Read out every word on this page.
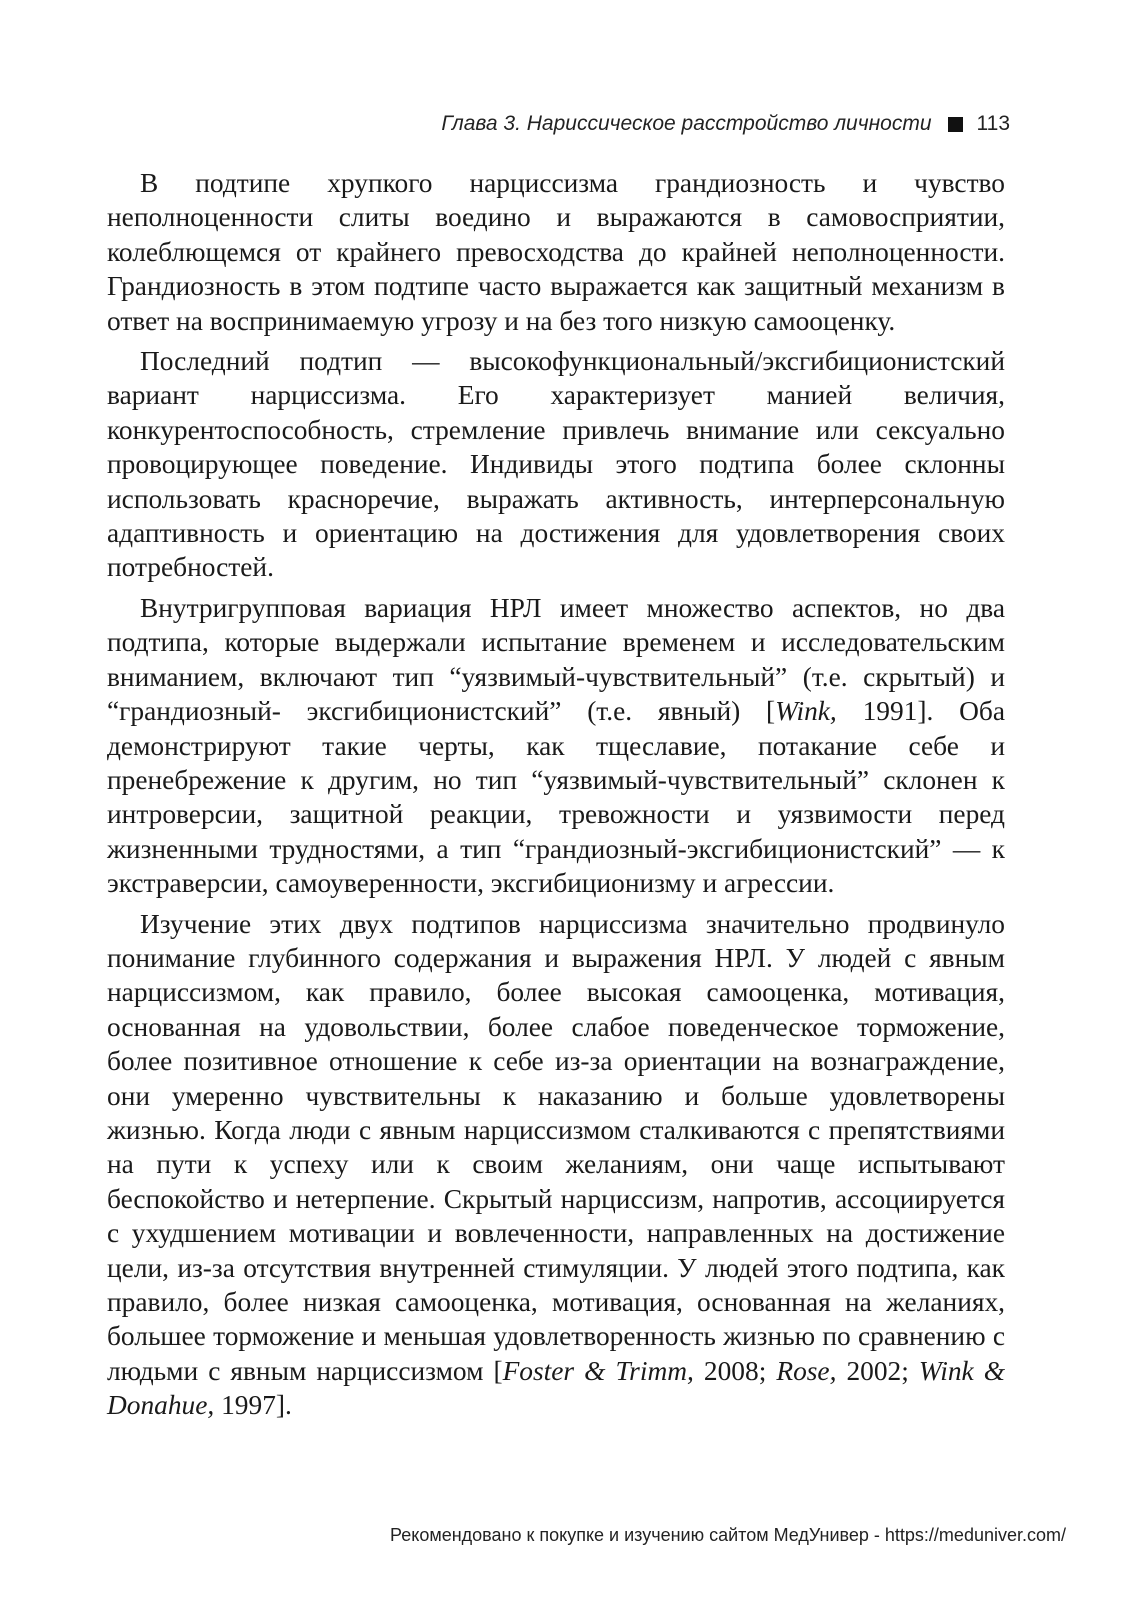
Глава 3. Нариссическое расстройство личности 113

В подтипе хрупкого нарциссизма грандиозность и чувство неполноценности слиты воедино и выражаются в самовосприятии, колеблющемся от крайнего превосходства до крайней неполноценности. Грандиозность в этом подтипе часто выражается как защитный механизм в ответ на воспринимаемую угрозу и на без того низкую самооценку.

Последний подтип — высокофункциональный/эксгибиционистский вариант нарциссизма. Его характеризует манией величия, конкурентоспособность, стремление привлечь внимание или сексуально провоцирующее поведение. Индивиды этого подтипа более склонны использовать красноречие, выражать активность, интерперсональную адаптивность и ориентацию на достижения для удовлетворения своих потребностей.

Внутригрупповая вариация НРЛ имеет множество аспектов, но два подтипа, которые выдержали испытание временем и исследовательским вниманием, включают тип “уязвимый-чувствительный” (т.е. скрытый) и “грандиозный- эксгибиционистский” (т.е. явный) [Wink, 1991]. Оба демонстрируют такие черты, как тщеславие, потакание себе и пренебрежение к другим, но тип “уязвимый-чувствительный” склонен к интроверсии, защитной реакции, тревожности и уязвимости перед жизненными трудностями, а тип “грандиозный-эксгибиционистский” — к экстраверсии, самоуверенности, эксгибиционизму и агрессии.

Изучение этих двух подтипов нарциссизма значительно продвинуло понимание глубинного содержания и выражения НРЛ. У людей с явным нарциссизмом, как правило, более высокая самооценка, мотивация, основанная на удовольствии, более слабое поведенческое торможение, более позитивное отношение к себе из-за ориентации на вознаграждение, они умеренно чувствительны к наказанию и больше удовлетворены жизнью. Когда люди с явным нарциссизмом сталкиваются с препятствиями на пути к успеху или к своим желаниям, они чаще испытывают беспокойство и нетерпение. Скрытый нарциссизм, напротив, ассоциируется с ухудшением мотивации и вовлеченности, направленных на достижение цели, из-за отсутствия внутренней стимуляции. У людей этого подтипа, как правило, более низкая самооценка, мотивация, основанная на желаниях, большее торможение и меньшая удовлетворенность жизнью по сравнению с людьми с явным нарциссизмом [Foster & Trimm, 2008; Rose, 2002; Wink & Donahue, 1997].

Рекомендовано к покупке и изучению сайтом МедУнивер - https://meduniver.com/
